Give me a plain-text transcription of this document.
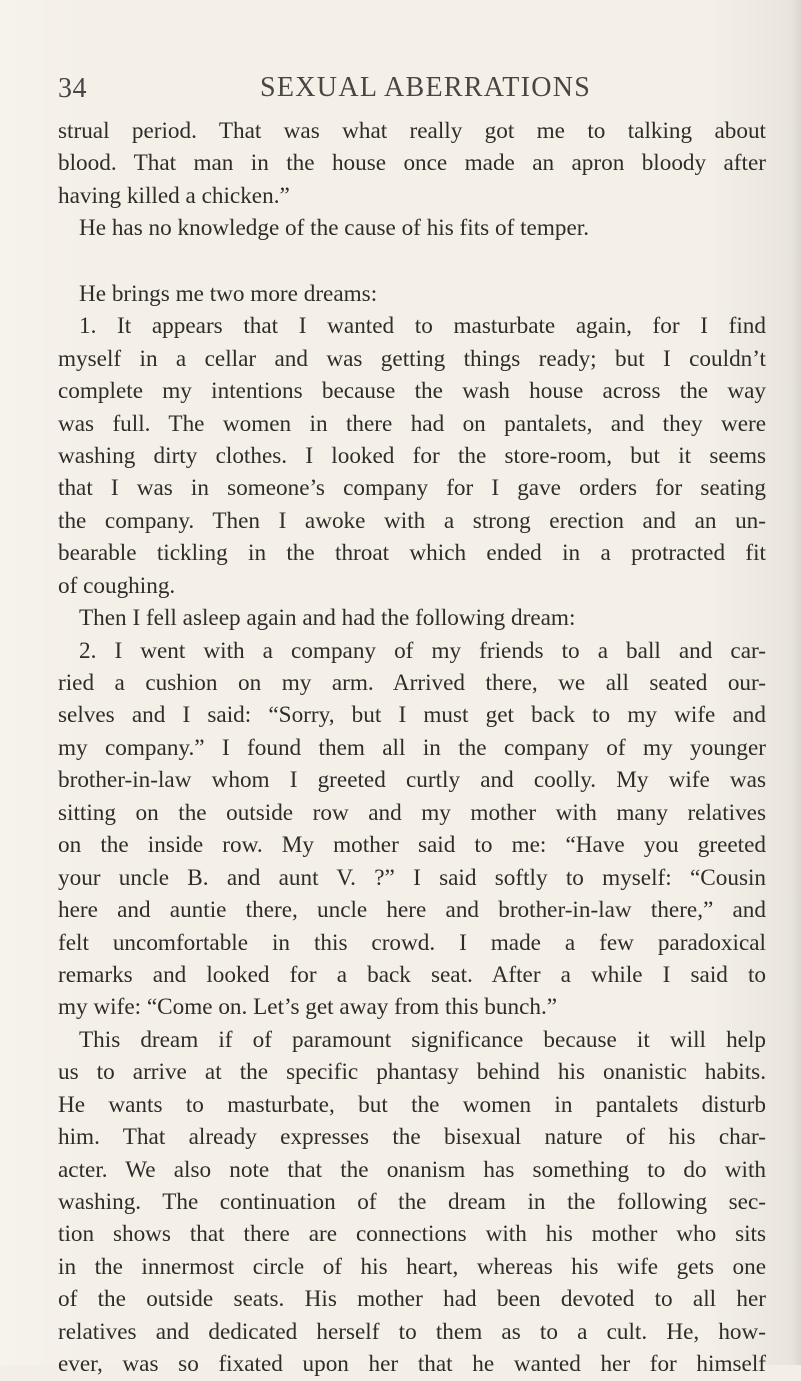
34	SEXUAL ABERRATIONS
strual period. That was what really got me to talking about
blood. That man in the house once made an apron bloody after
having killed a chicken.”
He has no knowledge of the cause of his fits of temper.
He brings me two more dreams:
1. It appears that I wanted to masturbate again, for I find
myself in a cellar and was getting things ready; but I couldn’t
complete my intentions because the wash house across the way
was full. The women in there had on pantalets, and they were
washing dirty clothes. I looked for the store-room, but it seems
that I was in someone’s company for I gave orders for seating
the company. Then I awoke with a strong erection and an un-
bearable tickling in the throat which ended in a protracted fit
of coughing.
Then I fell asleep again and had the following dream:
2. I went with a company of my friends to a ball and car-
ried a cushion on my arm. Arrived there, we all seated our-
selves and I said: “Sorry, but I must get back to my wife and
my company.” I found them all in the company of my younger
brother-in-law whom I greeted curtly and coolly. My wife was
sitting on the outside row and my mother with many relatives
on the inside row. My mother said to me: “Have you greeted
your uncle B. and aunt V. ?” I said softly to myself: “Cousin
here and auntie there, uncle here and brother-in-law there,” and
felt uncomfortable in this crowd. I made a few paradoxical
remarks and looked for a back seat. After a while I said to
my wife: “Come on. Let’s get away from this bunch.”
This dream if of paramount significance because it will help
us to arrive at the specific phantasy behind his onanistic habits.
He wants to masturbate, but the women in pantalets disturb
him. That already expresses the bisexual nature of his char-
acter. We also note that the onanism has something to do with
washing. The continuation of the dream in the following sec-
tion shows that there are connections with his mother who sits
in the innermost circle of his heart, whereas his wife gets one
of the outside seats. His mother had been devoted to all her
relatives and dedicated herself to them as to a cult. He, how-
ever, was so fixated upon her that he wanted her for himself
